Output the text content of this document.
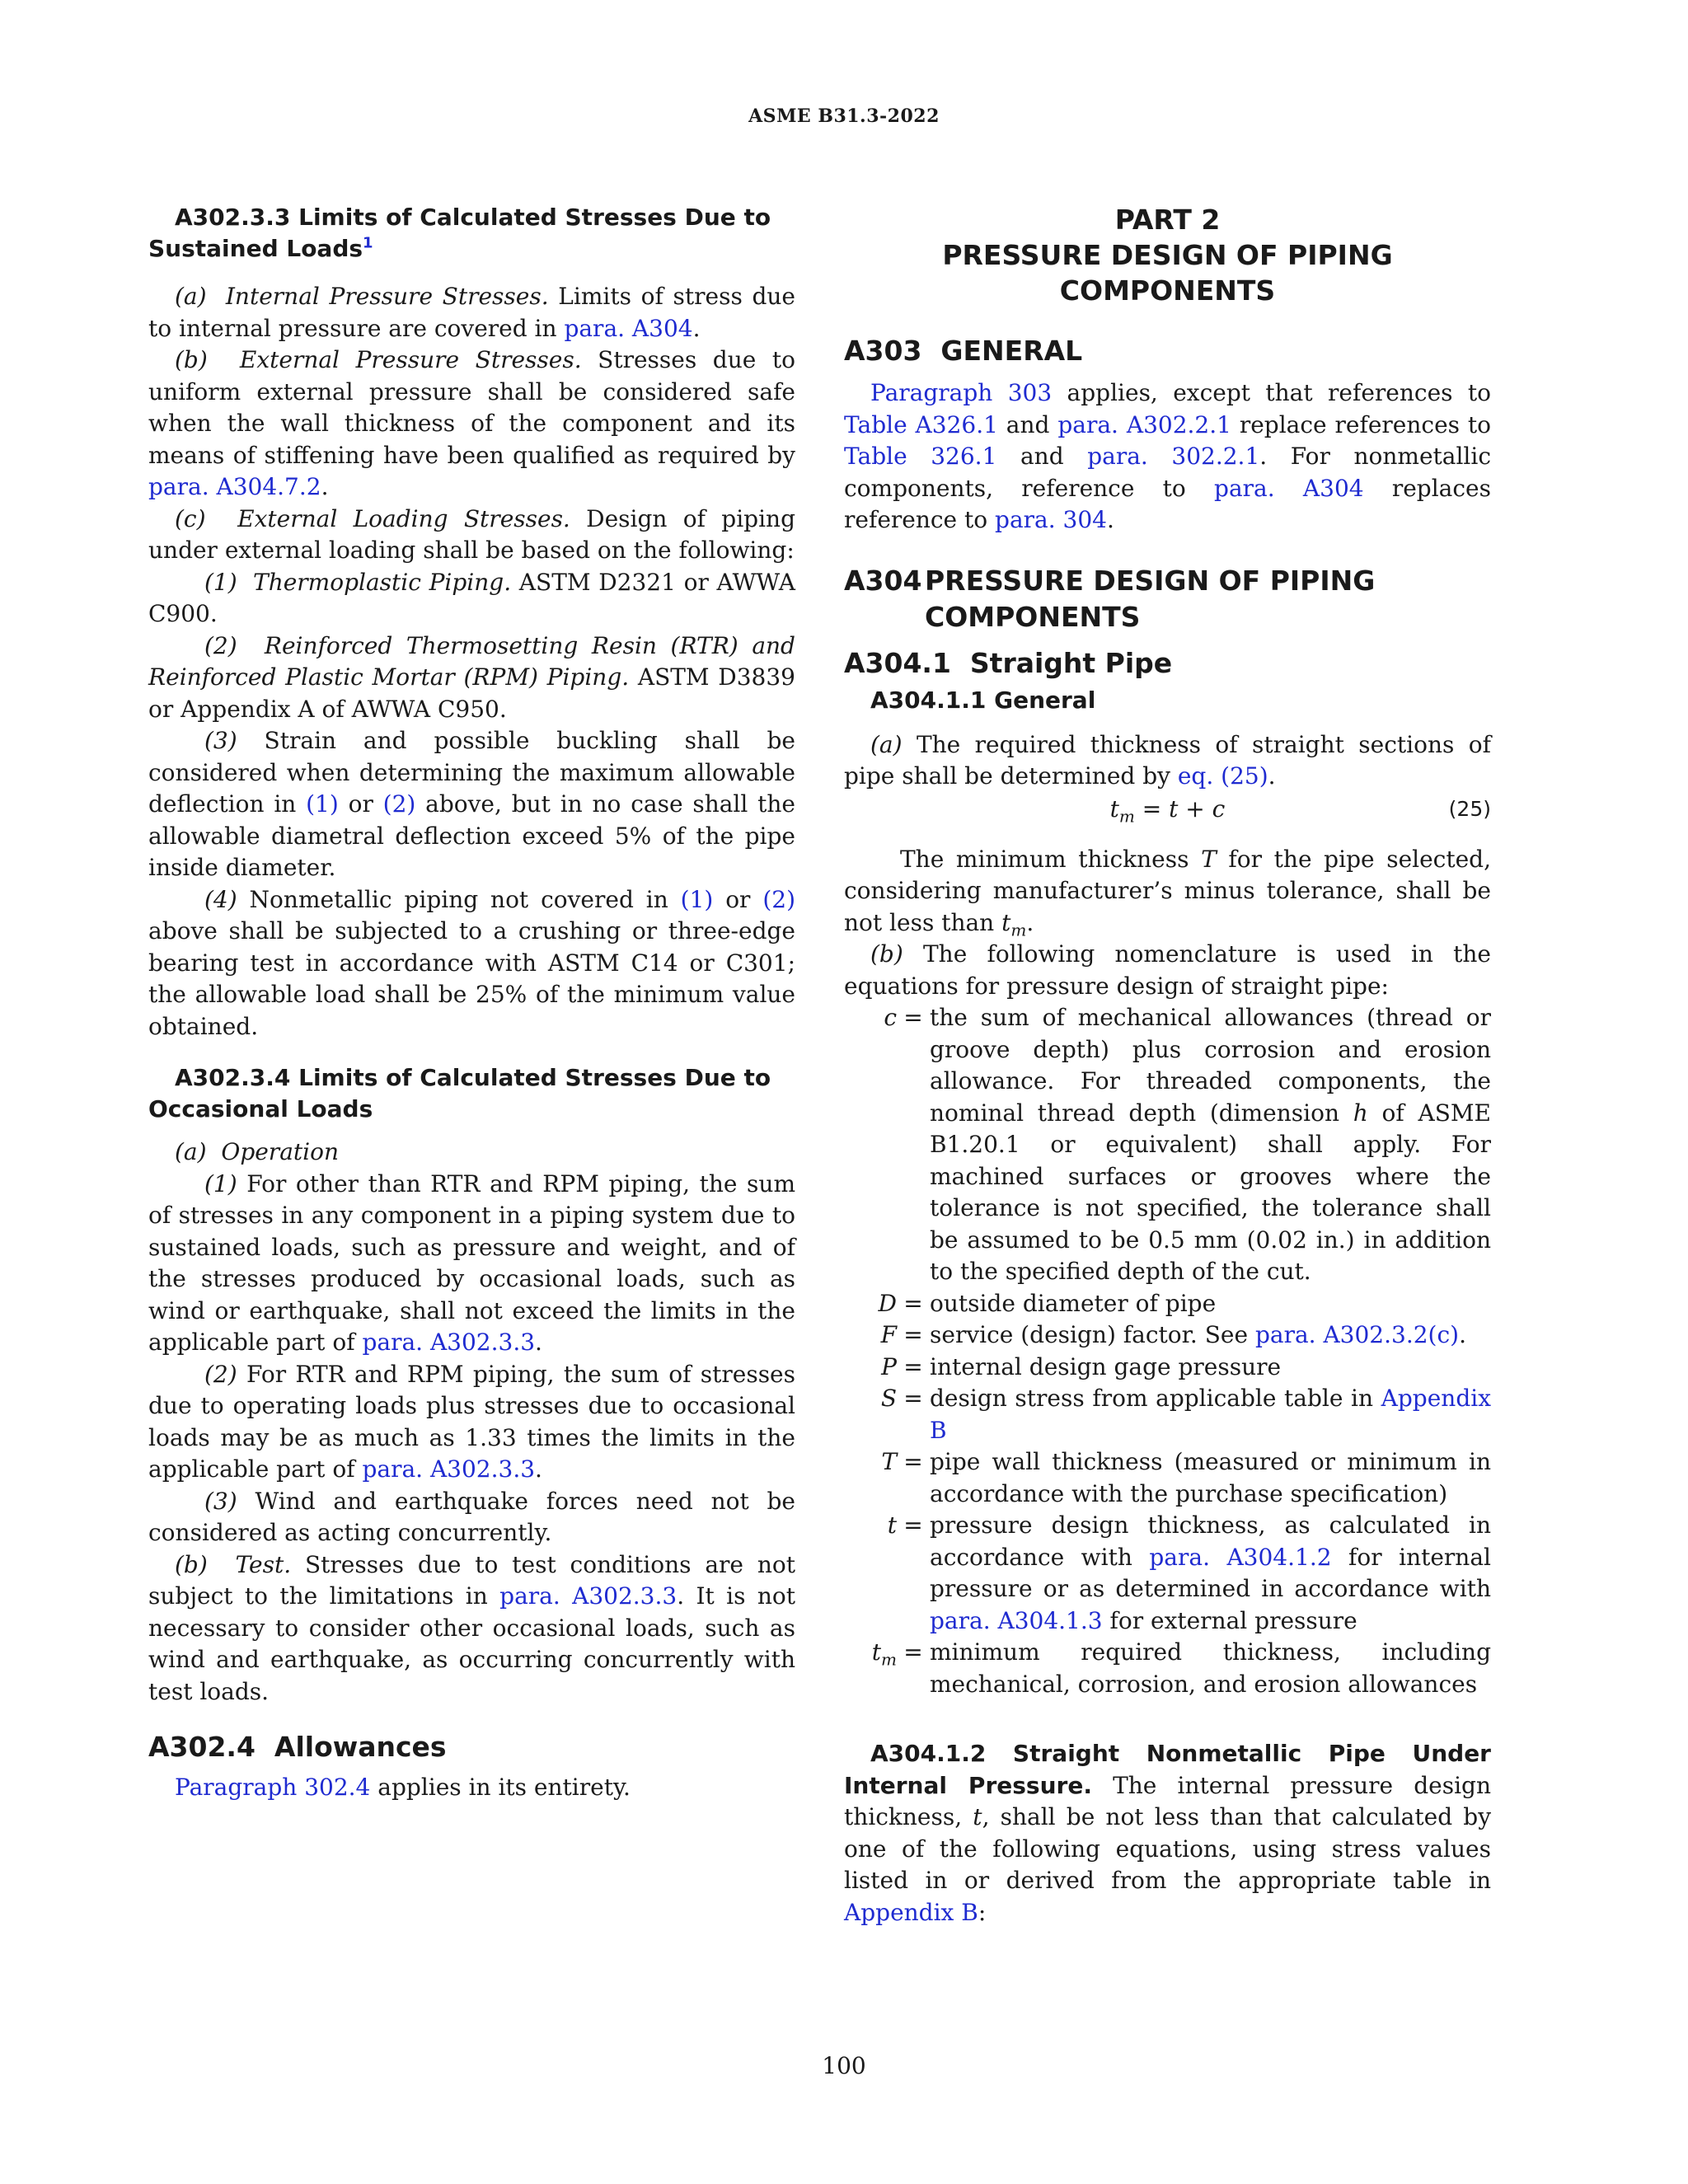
ASME B31.3-2022

A302.3.3 Limits of Calculated Stresses Due to Sustained Loads$^1$

(a) Internal Pressure Stresses. Limits of stress due to internal pressure are covered in para. A304.

(b) External Pressure Stresses. Stresses due to uniform external pressure shall be considered safe when the wall thickness of the component and its means of stiffening have been qualified as required by para. A304.7.2.

(c) External Loading Stresses. Design of piping under external loading shall be based on the following:

(1) Thermoplastic Piping. ASTM D2321 or AWWA C900.

(2) Reinforced Thermosetting Resin (RTR) and Reinforced Plastic Mortar (RPM) Piping. ASTM D3839 or Appendix A of AWWA C950.

(3) Strain and possible buckling shall be considered when determining the maximum allowable deflection in (1) or (2) above, but in no case shall the allowable diametral deflection exceed 5% of the pipe inside diameter.

(4) Nonmetallic piping not covered in (1) or (2) above shall be subjected to a crushing or three-edge bearing test in accordance with ASTM C14 or C301; the allowable load shall be 25% of the minimum value obtained.

A302.3.4 Limits of Calculated Stresses Due to Occasional Loads

(a) Operation

(1) For other than RTR and RPM piping, the sum of stresses in any component in a piping system due to sustained loads, such as pressure and weight, and of the stresses produced by occasional loads, such as wind or earthquake, shall not exceed the limits in the applicable part of para. A302.3.3.

(2) For RTR and RPM piping, the sum of stresses due to operating loads plus stresses due to occasional loads may be as much as 1.33 times the limits in the applicable part of para. A302.3.3.

(3) Wind and earthquake forces need not be considered as acting concurrently.

(b) Test. Stresses due to test conditions are not subject to the limitations in para. A302.3.3. It is not necessary to consider other occasional loads, such as wind and earthquake, as occurring concurrently with test loads.

A302.4 Allowances

Paragraph 302.4 applies in its entirety.

PART 2

PRESSURE DESIGN OF PIPING COMPONENTS

A303 GENERAL

Paragraph 303 applies, except that references to Table A326.1 and para. A302.2.1 replace references to Table 326.1 and para. 302.2.1. For nonmetallic components, reference to para. A304 replaces reference to para. 304.

A304 PRESSURE DESIGN OF PIPING
COMPONENTS

A304.1 Straight Pipe

A304.1.1 General

(a) The required thickness of straight sections of pipe shall be determined by eq. (25).

$t_m = t + c$	(25)

The minimum thickness T for the pipe selected, considering manufacturer’s minus tolerance, shall be not less than $t_m$.

(b) The following nomenclature is used in the equations for pressure design of straight pipe:

c = the sum of mechanical allowances (thread or groove depth) plus corrosion and erosion allowance. For threaded components, the nominal thread depth (dimension h of ASME B1.20.1 or equivalent) shall apply. For machined surfaces or grooves where the tolerance is not specified, the tolerance shall be assumed to be 0.5 mm (0.02 in.) in addition to the specified depth of the cut.
D = outside diameter of pipe
F = service (design) factor. See para. A302.3.2(c).
P = internal design gage pressure
S = design stress from applicable table in Appendix B
T = pipe wall thickness (measured or minimum in accordance with the purchase specification)
t = pressure design thickness, as calculated in accordance with para. A304.1.2 for internal pressure or as determined in accordance with para. A304.1.3 for external pressure
$t_m$ = minimum required thickness, including mechanical, corrosion, and erosion allowances

A304.1.2 Straight Nonmetallic Pipe Under Internal Pressure. The internal pressure design thickness, t, shall be not less than that calculated by one of the following equations, using stress values listed in or derived from the appropriate table in Appendix B:

100
